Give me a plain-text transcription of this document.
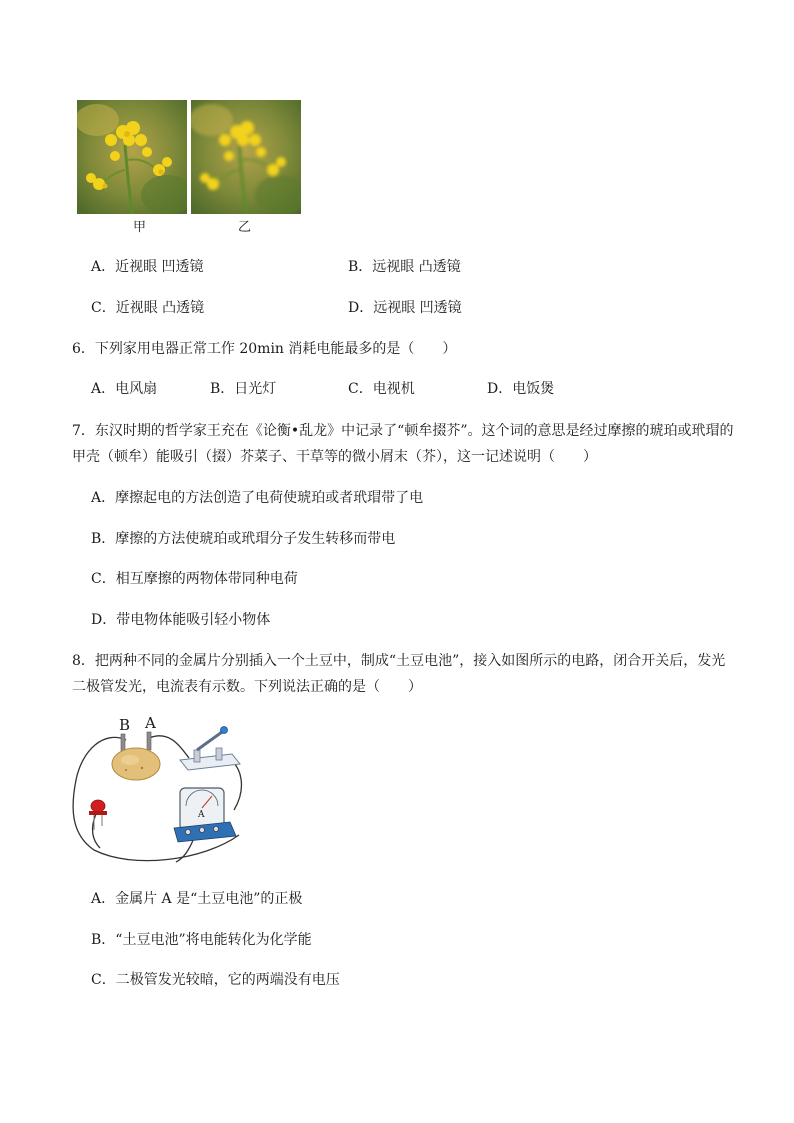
甲	乙
A．近视眼 凹透镜	B．远视眼 凸透镜
C．近视眼 凸透镜	D．远视眼 凹透镜
6．下列家用电器正常工作 20min 消耗电能最多的是（　　）
A．电风扇	B．日光灯	C．电视机	D．电饭煲
7．东汉时期的哲学家王充在《论衡•乱龙》中记录了“顿牟掇芥”。这个词的意思是经过摩擦的琥珀或玳瑁的
甲壳（顿牟）能吸引（掇）芥菜子、干草等的微小屑末（芥），这一记述说明（　　）
A．摩擦起电的方法创造了电荷使琥珀或者玳瑁带了电
B．摩擦的方法使琥珀或玳瑁分子发生转移而带电
C．相互摩擦的两物体带同种电荷
D．带电物体能吸引轻小物体
8．把两种不同的金属片分别插入一个土豆中，制成“土豆电池”，接入如图所示的电路，闭合开关后，发光
二极管发光，电流表有示数。下列说法正确的是（　　）
B A
A
A．金属片 A 是“土豆电池”的正极
B．“土豆电池”将电能转化为化学能
C．二极管发光较暗，它的两端没有电压
